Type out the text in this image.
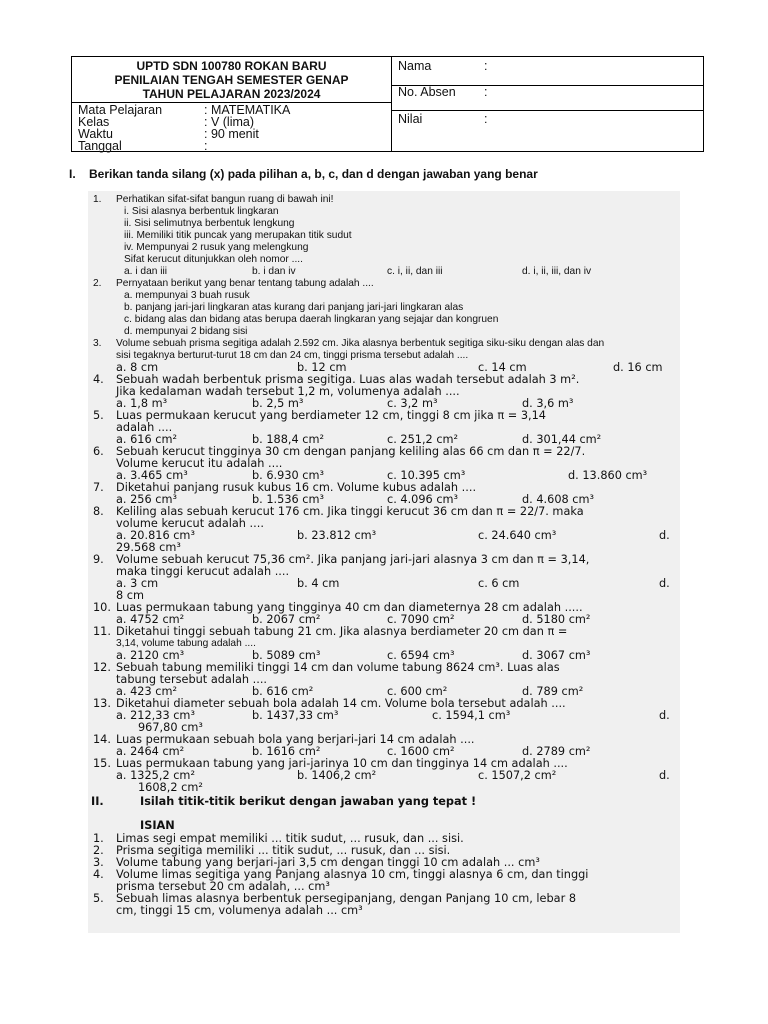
UPTD SDN 100780 ROKAN BARU
PENILAIAN TENGAH SEMESTER GENAP
TAHUN PELAJARAN 2023/2024
Mata Pelajaran	: MATEMATIKA
Kelas	: V (lima)
Waktu	: 90 menit
Tanggal	:
Nama	:
No. Absen :
Nilai	:
I. Berikan tanda silang (x) pada pilihan a, b, c, dan d dengan jawaban yang benar
1. Perhatikan sifat-sifat bangun ruang di bawah ini!
i. Sisi alasnya berbentuk lingkaran
ii. Sisi selimutnya berbentuk lengkung
iii. Memiliki titik puncak yang merupakan titik sudut
iv. Mempunyai 2 rusuk yang melengkung
Sifat kerucut ditunjukkan oleh nomor ....
a. i dan iii	b. i dan iv	c. i, ii, dan iii	d. i, ii, iii, dan iv
2. Pernyataan berikut yang benar tentang tabung adalah ....
a. mempunyai 3 buah rusuk
b. panjang jari-jari lingkaran atas kurang dari panjang jari-jari lingkaran alas
c. bidang alas dan bidang atas berupa daerah lingkaran yang sejajar dan kongruen
d. mempunyai 2 bidang sisi
3. Volume sebuah prisma segitiga adalah 2.592 cm. Jika alasnya berbentuk segitiga siku-siku dengan alas dan
sisi tegaknya berturut-turut 18 cm dan 24 cm, tinggi prisma tersebut adalah ....
a. 8 cm	b. 12 cm	c. 14 cm	d. 16 cm
4. Sebuah wadah berbentuk prisma segitiga. Luas alas wadah tersebut adalah 3 m².
Jika kedalaman wadah tersebut 1,2 m, volumenya adalah ....
a. 1,8 m³	b. 2,5 m³	c. 3,2 m³	d. 3,6 m³
5. Luas permukaan kerucut yang berdiameter 12 cm, tinggi 8 cm jika π = 3,14
adalah ....
a. 616 cm²	b. 188,4 cm²	c. 251,2 cm²	d. 301,44 cm²
6. Sebuah kerucut tingginya 30 cm dengan panjang keliling alas 66 cm dan π = 22/7.
Volume kerucut itu adalah ....
a. 3.465 cm³	b. 6.930 cm³	c. 10.395 cm³	d. 13.860 cm³
7. Diketahui panjang rusuk kubus 16 cm. Volume kubus adalah ....
a. 256 cm³	b. 1.536 cm³	c. 4.096 cm³	d. 4.608 cm³
8. Keliling alas sebuah kerucut 176 cm. Jika tinggi kerucut 36 cm dan π = 22/7. maka
volume kerucut adalah ....
a. 20.816 cm³	b. 23.812 cm³	c. 24.640 cm³	d.
29.568 cm³
9. Volume sebuah kerucut 75,36 cm². Jika panjang jari-jari alasnya 3 cm dan π = 3,14,
maka tinggi kerucut adalah ....
a. 3 cm	b. 4 cm	c. 6 cm	d.
8 cm
10. Luas permukaan tabung yang tingginya 40 cm dan diameternya 28 cm adalah .....
a. 4752 cm²	b. 2067 cm²	c. 7090 cm²	d. 5180 cm²
11. Diketahui tinggi sebuah tabung 21 cm. Jika alasnya berdiameter 20 cm dan π =
3,14, volume tabung adalah ....
a. 2120 cm³	b. 5089 cm³	c. 6594 cm³	d. 3067 cm³
12. Sebuah tabung memiliki tinggi 14 cm dan volume tabung 8624 cm³. Luas alas
tabung tersebut adalah ....
a. 423 cm²	b. 616 cm²	c. 600 cm²	d. 789 cm²
13. Diketahui diameter sebuah bola adalah 14 cm. Volume bola tersebut adalah ....
a. 212,33 cm³	b. 1437,33 cm³	c. 1594,1 cm³	d.
967,80 cm³
14. Luas permukaan sebuah bola yang berjari-jari 14 cm adalah ....
a. 2464 cm²	b. 1616 cm²	c. 1600 cm²	d. 2789 cm²
15. Luas permukaan tabung yang jari-jarinya 10 cm dan tingginya 14 cm adalah ....
a. 1325,2 cm²	b. 1406,2 cm²	c. 1507,2 cm²	d.
1608,2 cm²
II.	Isilah titik-titik berikut dengan jawaban yang tepat !
ISIAN
1. Limas segi empat memiliki ... titik sudut, ... rusuk, dan ... sisi.
2. Prisma segitiga memiliki ... titik sudut, ... rusuk, dan ... sisi.
3. Volume tabung yang berjari-jari 3,5 cm dengan tinggi 10 cm adalah ... cm³
4. Volume limas segitiga yang Panjang alasnya 10 cm, tinggi alasnya 6 cm, dan tinggi
prisma tersebut 20 cm adalah, ... cm³
5. Sebuah limas alasnya berbentuk persegipanjang, dengan Panjang 10 cm, lebar 8
cm, tinggi 15 cm, volumenya adalah ... cm³
